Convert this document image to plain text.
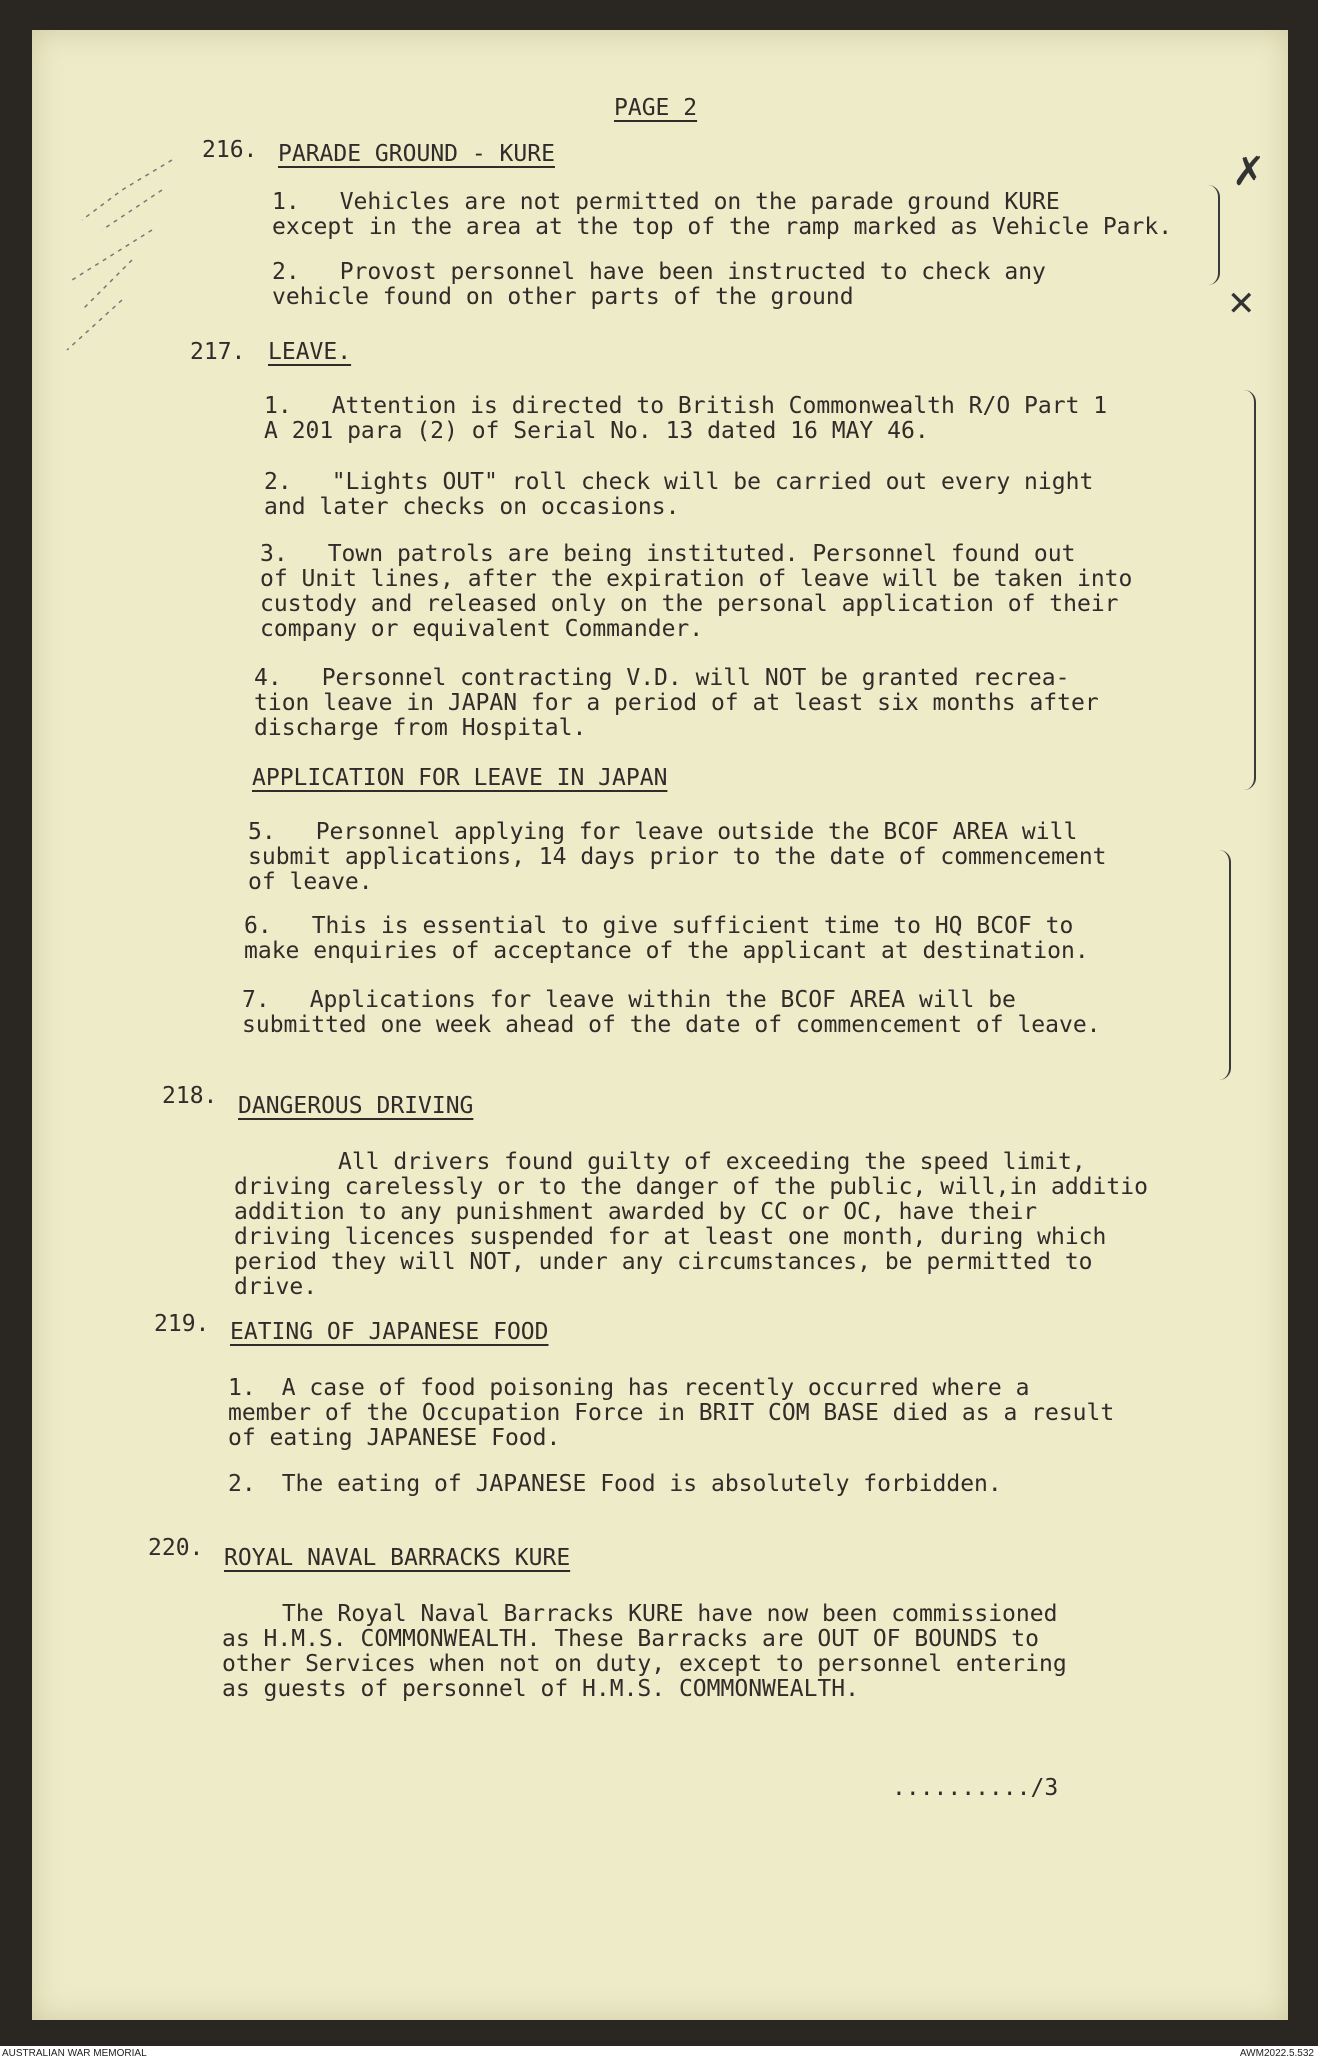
PAGE 2
216. PARADE GROUND - KURE
1. Vehicles are not permitted on the parade ground KURE
except in the area at the top of the ramp marked as Vehicle Park.
2. Provost personnel have been instructed to check any
vehicle found on other parts of the ground
✗
✕
217. LEAVE.
1. Attention is directed to British Commonwealth R/O Part 1
A 201 para (2) of Serial No. 13 dated 16 MAY 46.
2. "Lights OUT" roll check will be carried out every night
and later checks on occasions.
3. Town patrols are being instituted. Personnel found out
of Unit lines, after the expiration of leave will be taken into
custody and released only on the personal application of their
company or equivalent Commander.
4. Personnel contracting V.D. will NOT be granted recrea-
tion leave in JAPAN for a period of at least six months after
discharge from Hospital.
APPLICATION FOR LEAVE IN JAPAN
5. Personnel applying for leave outside the BCOF AREA will
submit applications, 14 days prior to the date of commencement
of leave.
6. This is essential to give sufficient time to HQ BCOF to
make enquiries of acceptance of the applicant at destination.
7. Applications for leave within the BCOF AREA will be
submitted one week ahead of the date of commencement of leave.
218. DANGEROUS DRIVING
All drivers found guilty of exceeding the speed limit,
driving carelessly or to the danger of the public, will,in additio
addition to any punishment awarded by CC or OC, have their
driving licences suspended for at least one month, during which
period they will NOT, under any circumstances, be permitted to
drive.
219. EATING OF JAPANESE FOOD
1. A case of food poisoning has recently occurred where a
member of the Occupation Force in BRIT COM BASE died as a result
of eating JAPANESE Food.
2. The eating of JAPANESE Food is absolutely forbidden.
220. ROYAL NAVAL BARRACKS KURE
The Royal Naval Barracks KURE have now been commissioned
as H.M.S. COMMONWEALTH. These Barracks are OUT OF BOUNDS to
other Services when not on duty, except to personnel entering
as guests of personnel of H.M.S. COMMONWEALTH.
........../3
AUSTRALIAN WAR MEMORIAL	AWM2022.5.532
